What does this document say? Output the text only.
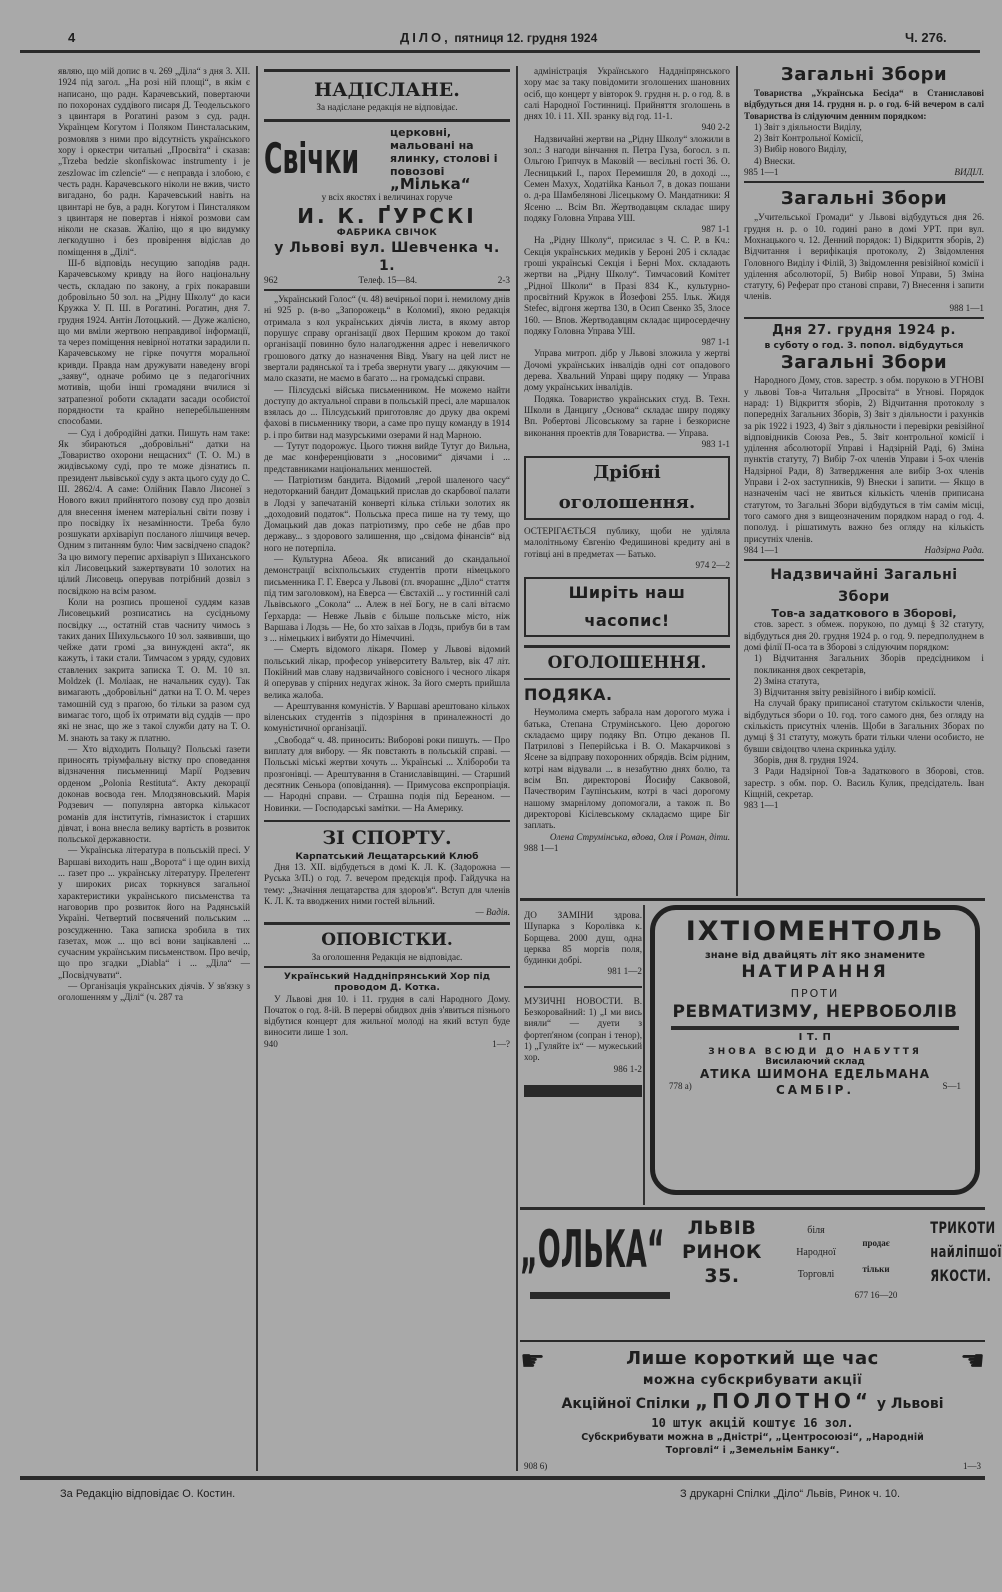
4	ДІЛО, пятниця 12. грудня 1924	Ч. 276.

являю, що мій допис в ч. 269 „Діла“ з дня 3. XII. 1924 під загол. „На розі ній площі“, в якім є написано, що радн. Карачевський, повертаючи по похоронах суддівого писаря Д. Теодельського з цвинтаря в Рогатині разом з суд. радн. Українцем Когутом і Поляком Пинсталаським, розмовляв з ними про відсутність українського хору і оркестри читальні „Просвіта“ і сказав: „Trzeba bedzie skonfiskowac instrumenty i je zeszlowac im czlencie“ — є неправда і злобою, є честь радн. Карачевського ніколи не вжив, чисто вигадано, бо радн. Карачевський навіть на цвинтарі не був, а радн. Когутом і Пинсталяком з цвинтаря не повертав і ніякої розмови сам ніколи не сказав. Жалію, що я цю видумку легкодушно і без провірення відіслав до поміщення в „Ділі“.

Ш-б відповідь несущию заподіяв радн. Карачевському кривду на його національну честь, складаю по закону, а гріх покаравши добровільно 50 зол. на „Рідну Школу“ до каси Кружка У. П. Ш. в Рогатині. Рогатин, дня 7. грудня 1924. Антін Лотоцький. — Дуже жалієно, що ми вміли жертвою неправдивої інформації, та через поміщення невірної нотатки зарадили п. Карачевському не гірке почуття моральної кривди. Правда нам дружувати наведену вгорі „заяву“, одначе робимо це з педагогічних мотивів, щоби інші громадяни вчилися зі затрапезної роботи складати засади особистої порядности та крайно неперебільшенням способами.

— Суд і добродійні датки. Пишуть нам таке: Як збираються „добровільні“ датки на „Товариство охорони нещасних“ (Т. О. М.) в жидівському суді, про те може дізнатись п. президент львівської суду з акта цього суду до С. Ш. 2862/4. А саме: Олійник Павло Лисонеї з Нового вжил прийнятого позову суд про дозвіл для внесення іменем матеріальні світи позву і про посвідку їх незамінности. Треба було розшукати архіваріуп посланого лішчиця вечер. Одним з питанням було: Чим засвідчено спадок? За цю вимогу перепис архіваріуп з Шиханського кіл Лисовецький зажертвувати 10 золотих на цілий Лисовець оперував потрібний дозвіл з посвідкою на всім разом.

Коли на розпись прошеної суддям казав Лисовецький розписатись на сусідньому посвідку ..., остатній став часниту чимось з таких даних Шихульського 10 зол. заявивши, що чейже дати громі „за винуждені акта“, як кажуть, і таки стали. Тимчасом з уряду, судових ставлених закрита записка Т. О. М. 10 зл. Moldzek (І. Моліаак, не начальник суду). Так вимагають „добровільні“ датки на Т. О. М. через тамошній суд з праґою, бо тільки за разом суд вимагає того, щоб їх отримати від суддів — про які не знає, що же з такої служби дату на Т. О. М. знають за таку ж платню.

— Хто відходить Польщу? Польські ґазети приносять тріумфальну вістку про споведання відзначення письменниці Марії Родзевич орденом „Polonia Restituta“. Акту декорації доконав воєвода ген. Млодзяновський. Марія Родзевич — популярна авторка кількасот романів для інститутів, гімназисток і старших дівчат, і вона внесла велику вартість в розвиток польської державности.

— Українська література в польській пресі. У Варшаві виходить наш „Ворота“ і ще один вихід ... ґазет про ... українську літературу. Прелеґент у широких рисах торкнувся загальної характеристики українського письменства та наговорив про розвиток його на Радянській Україні. Четвертий посвячений польським ... розсудженню. Така записка зробила в тих ґазетах, мож ... що всі вони зацікавлені ... сучасним українським письменством. Про вечір, що про згадки „Diabla“ і ... „Діла“ — „Посвідчувати“.

— Органiзація українських діячів. У зв'язку з оголошенням у „Ділі“ (ч. 287 та

НАДІСЛАНЕ.
За надіслане редакція не відповідає.
Свічки
церковні, мальовані на ялинку, столові і повозові „Мілька“
у всіх якостях і величинах горуче
И. К. ҐУРСКІ
ФАБРИКА СВІЧОК
у Львові вул. Шевченка ч. 1.
962	Телеф. 15—84.	2-3

„Український Голос“ (ч. 48) вечірньої пори і. немилому днів ні 925 р. (в-во „Запорожець“ в Коломиї), якою редакція отримала з кол українських діячів листа, в якому автор порушує справу організації двох Першим кроком до такої організації повинно було налагодження адрес і невеличкого грошового датку до назначення Вівд. Увагу на цей лист не звертали радянської та і треба звернути увагу ... дякуючим — мало сказати, не маємо в багато ... на громадські справи.

— Пілсудські війська письменником. Не можемо найти доступу до актуальної справи в польській пресі, але маршалок взялась до ... Пілсудський приготовляє до друку два окремі фахові в письменнику твори, а саме про пущу команду в 1914 р. і про битви над мазурськими озерами й над Марною.

— Тутут подорожує. Цього тижня вийде Тутуг до Вильна, де має конференціювати з „носовими“ діячами і ... представниками національних меншостей.

— Патріотизм бандита. Відомий „герой шаленого часу“ недоторканий бандит Домацький прислав до скарбової палати в Лодзі у запечатаній конверті кілька стільки золотих як „доходовий податок“. Польська преса пише на ту тему, що Домацький дав доказ патріотизму, про себе не дбав про державу... з здорового залишення, що „свідома фінансів“ від ного не потерпіла.

— Культурна Абеоа. Як вписаний до скандальної демонстрації всіхпольських студентів проти німецького письменника Г. Г. Еверса у Львові (гл. вчорашнє „Діло“ стаття під тим заголовком), на Еверса — Євстахій ... у гостинній салі Львівського „Сокола“ ... Алеж в неї Богу, не в салі вітаємо Ґерхарда: — Невже Львів є більше польське місто, ніж Варшава і Лодзь — Не, бо хто заїхав в Лодзь, прибув би в там з ... німецьких і вибуяти до Німеччині.

— Смерть відомого лікаря. Помер у Львові відомий польський лікар, професор університету Вальтер, вік 47 літ. Покійний мав славу надзвичайного совісного і чесного лікаря й оперував у спірних недугах жінок. За його смерть прийшла велика жалоба.

— Арештування комуністів. У Варшаві арештовано кількох віленських студентів з підозріння в приналежності до комуністичної організації.

„Свобода“ ч. 48. приносить: Виборові роки пишуть. — Про виплату для вибору. — Як повстають в польській справі. — Польські міські жертви хочуть ... Українські ... Хлібороби та прозгонівці. — Арештування в Станиславівщині. — Старший десятник Сеньора (оповідання). — Примусова експропріація. — Народні справи. — Страшна подія під Береаном. — Новинки. — Господарські замітки. — На Америку.

ЗІ СПОРТУ.
Карпатський Лещатарський Клюб

Дня 13. XII. відбудеться в домі К. Л. К. (Задорожна — Руська 3/П.) о год. 7. вечером предєкція проф. Гайдучка на тему: „Значіння лещатарства для здоров'я“. Вступ для членів К. Л. К. та вводжених ними гостей вільний.

— Вадія.
ОПОВІСТКИ.
За оголошення Редакція не відповідає.
Український Наддніпрянський Хор під проводом Д. Котка.

У Львові дня 10. і 11. грудня в салі Народного Дому. Початок о год. 8-ій. В перерві обидвох днів з'явиться пізнього відбутися концерт для жильної молоді на який вступ буде виносити лише 1 зол.

940	1—?

адміністрація Українського Наддніпрянського хору має за таку повідомити зголошених шановних осіб, що концерт у вівторок 9. грудня н. р. о год. 8. в салі Народної Гостинниці. Прийняття зголошень в днях 10. і 11. XII. зранку від год. 11-1.

940 2-2

Надзвичайні жертви на „Рідну Школу“ зложили в зол.: З нагоди вінчання п. Петра Гуза, богосл. з п. Ольгою Грипчук в Маковій — весільні гості 36. О. Лесницький І., парох Перемишля 20, в доході ..., Семен Махух, Ходатійка Каньол 7, в доказ пошани о. д-ра Шамбелянові Лісецькому О. Мандатники: Я Ясеню ... Всім Вп. Жертводавцям складає ширу подяку Головна Управа УШ.

987 1-1

На „Рідну Школу“, присилає з Ч. С. Р. в Кч.: Секція українських медиків у Бероні 205 і складає гроші українські Секція і Берні Мох. складають жертви на „Рідну Школу“. Тимчасовий Комітет „Рідної Школи“ в Празі 834 К., культурно-просвітний Кружок в Йозефові 255. Ільк. Жидя Stefec, відгоня жертва 130, в Осип Свенко 35, Злосе 160. — Впов. Жертводавцям складає щиросердечну подяку Головна Управа УШ.

987 1-1

Управа митроп. дібр у Львові зложила у жертві Дочомі українських інвалідів одні сот опадового дерева. Хвальний Управі щиру подяку — Управа дому українських інвалідів.

Подяка. Товариство українських студ. В. Техн. Школи в Данцигу „Основа“ складає ширу подяку Вп. Робертові Лісовському за гарне і безкорисне виконання проектів для Товариства. — Управа.

983 1-1
Дрібні оголошення.

ОСТЕРІГАЄТЬСЯ публику, щоби не уділяла малолітньому Євгенію Федишинові кредиту ані в готівці ані в предметах — Батько.

974 2—2
Ширіть наш часопис!
ОГОЛОШЕННЯ.
ПОДЯКА.

Неумолима смерть забрала нам дорогого мужа і батька, Степана Струмінського. Цею дорогою складаємо щиру подяку Вп. Отцю деканов П. Патриловi з Пеперійська і В. О. Макарчикові з Ясене за відправу похоронних обрядів. Всім рідним, котрі нам відували ... в незабутню днях болю, та всім Вп. директорові Йосифу Саквовой, Пачестворим Гаупінським, котрі в часі дорогому нашому змарнілому допомогали, а також п. Во директорові Кісілевському складаємо щире Біг заплать.

Олена Струмінська, вдова, Оля і Роман, діти.
988 1—1
Загальні Збори

Товариства „Українська Бесіда“ в Станиславові відбудуться дня 14. грудня н. р. о год. 6-ій вечером в салі Товариства із слідуючим денним порядком:

1) Звіт з діяльности Виділу,
2) Звіт Контрольної Комісії,
3) Вибір нового Виділу,
4) Внески.
985 1—1	ВИДІЛ.
Загальні Збори

„Учительської Громади“ у Львові відбудуться дня 26. грудня н. р. о 10. годині рано в домі УРТ. при вул. Мохнацького ч. 12. Денний порядок: 1) Відкриття зборів, 2) Відчитання і верифікація протоколу, 2) Звідомлення Головного Виділу і Філій, 3) Звідомлення ревізійної комісії і уділення абсолюторії, 5) Вибір нової Управи, 5) Зміна статуту, 6) Реферат про станові справи, 7) Внесення і запити членів.

988 1—1
Дня 27. грудня 1924 р.
в суботу о год. 3. попол. відбудуться
Загальні Збори

Народного Дому, стов. зарестр. з обм. порукою в УГНОВІ у львові Тов-а Читальня „Просвіта“ в Угнові. Порядок нарад: 1) Відкриття зборів, 2) Відчитання протоколу з попередніх Загальних Зборів, 3) Звіт з діяльности і рахунків за рік 1922 і 1923, 4) Звіт з діяльности і перевірки ревізійної відповідників Союза Рев., 5. Звіт контрольної комісії і уділення абсолюторії Управі і Надзірній Раді, 6) Зміна пунктів статуту, 7) Вибір 7-ох членів Управи і 5-ох членів Надзірної Ради, 8) Затвердження але вибір 3-ох членів Управи і 2-ох заступників, 9) Внески і запити. — Якщо в назначенім часі не явиться кількість членів приписана статутом, то Загальні Збори відбудуться в тім самім місці, того самого дня з вищеозначеним порядком нарад о год. 4. пополуд. і рішатимуть важно без огляду на кількість присутніх членів.

984 1—1	Надзірна Рада.
Надзвичайні Загальні Збори
Тов-а задаткового в Зборові,

стов. зарест. з обмеж. порукою, по думці § 32 статуту, відбудуться дня 20. грудня 1924 р. о год. 9. передполуднем в домі філії П-оса та в Зборові з слідуючим порядком:

1) Відчитання Загальних Зборів предсідником і покликання двох секретарів,
2) Зміна статута,
3) Відчитання звіту ревізійного і вибір комісії.

На случай браку приписаної статутом скількости членів, відбудуться збори о 10. год. того самого дня, без огляду на скількість присутніх членів. Щоби в Загальних Зборах по думці § 31 статуту, можуть брати тільки члени особисто, не бувши свідоцтво члена скринька уділу.

Зборів, дня 8. грудня 1924.

З Ради Надзірної Тов-а Задаткового в Зборові, стов. зарестр. з обм. пор. О. Василь Кулик, предсідатель. Іван Кіщній, секретар.

983 1—1

ДО ЗАМІНИ здрова. Шупарка з Королівка к. Борщева. 2000 душ, одна церква 85 моргів поля, будинки добрі.

981 1—2

МУЗИЧНІ НОВОСТИ. В. Безкоровайний: 1) „І ми вись вияли“ — дуети з фортеп'яном (сопран і тенор), 1) „Гуляйте ix“ — мужеський хор.

986 1-2
ІХТІОМЕНТОЛЬ
знане від двайцять літ яко знамените
НАТИРАННЯ
ПРОТИ
РЕВМАТИЗМУ, НЕРВОБОЛІВ
І Т. П
ЗНОВА ВСЮДИ ДО НАБУТТЯ
Висилаючий склад
АТИКА ШИМОНА ЕДЕЛЬМАНА
778 а)	САМБІР.	S—1
„ОЛЬКА“	ЛЬВІВ
РИНОК
35.
біля
Народної
Торговлі
продає
тільки
677 16—20
ТРИКОТИ
найліпшої
ЯКОСТИ.
☛	☛
Лише короткий ще час
можна субскрибувати акції
Акційної Спілки „ПОЛОТНО“ у Львові
10 штук акцій коштує 16 зол.
Субскрибувати можна в „Дністрі“, „Центросоюзі“, „Народній Торговлі“ і „Земельнім Банку“.
908 6)	1—3
За Редакцію відповідає О. Костин.	З друкарні Спілки „Діло“ Львів, Ринок ч. 10.
